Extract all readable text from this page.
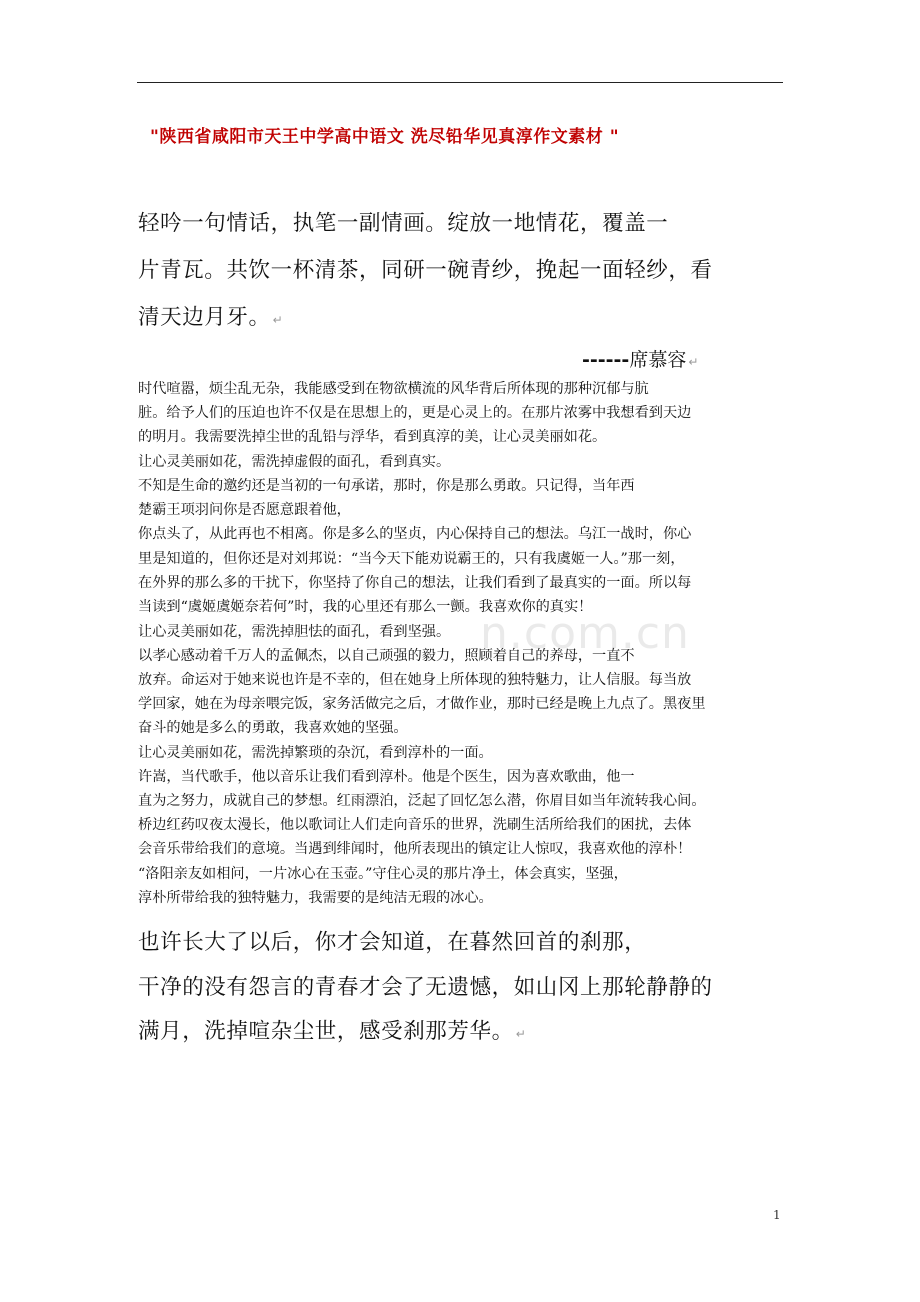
"陕西省咸阳市天王中学高中语文 洗尽铅华见真淳作文素材 "
轻吟一句情话，执笔一副情画。绽放一地情花，覆盖一
片青瓦。共饮一杯清茶，同研一碗青纱，挽起一面轻纱，看
清天边月牙。 ↵
------席慕容 ↵
时代喧嚣，烦尘乱无杂，我能感受到在物欲横流的风华背后所体现的那种沉郁与肮
脏。给予人们的压迫也许不仅是在思想上的，更是心灵上的。在那片浓雾中我想看到天边
的明月。我需要洗掉尘世的乱铅与浮华，看到真淳的美，让心灵美丽如花。
让心灵美丽如花，需洗掉虚假的面孔，看到真实。
不知是生命的邀约还是当初的一句承诺，那时，你是那么勇敢。只记得，当年西
楚霸王项羽问你是否愿意跟着他，
你点头了，从此再也不相离。你是多么的坚贞，内心保持自己的想法。乌江一战时，你心
里是知道的，但你还是对刘邦说：“当今天下能劝说霸王的，只有我虞姬一人。”那一刻，
在外界的那么多的干扰下，你坚持了你自己的想法，让我们看到了最真实的一面。所以每
当读到“虞姬虞姬奈若何”时，我的心里还有那么一颤。我喜欢你的真实！
让心灵美丽如花，需洗掉胆怯的面孔，看到坚强。
以孝心感动着千万人的孟佩杰，以自己顽强的毅力，照顾着自己的养母，一直不
放弃。命运对于她来说也许是不幸的，但在她身上所体现的独特魅力，让人信服。每当放
学回家，她在为母亲喂完饭，家务活做完之后，才做作业，那时已经是晚上九点了。黑夜里
奋斗的她是多么的勇敢，我喜欢她的坚强。
让心灵美丽如花，需洗掉繁琐的杂沉，看到淳朴的一面。
许嵩，当代歌手，他以音乐让我们看到淳朴。他是个医生，因为喜欢歌曲，他一
直为之努力，成就自己的梦想。红雨漂泊，泛起了回忆怎么潜，你眉目如当年流转我心间。
桥边红药叹夜太漫长，他以歌词让人们走向音乐的世界，洗刷生活所给我们的困扰，去体
会音乐带给我们的意境。当遇到绯闻时，他所表现出的镇定让人惊叹，我喜欢他的淳朴！
“洛阳亲友如相问，一片冰心在玉壶。”守住心灵的那片净土，体会真实，坚强，
淳朴所带给我的独特魅力，我需要的是纯洁无瑕的冰心。
也许长大了以后，你才会知道，在暮然回首的刹那，
干净的没有怨言的青春才会了无遗憾，如山冈上那轮静静的
满月，洗掉喧杂尘世，感受刹那芳华。 ↵
n.com.cn
1
